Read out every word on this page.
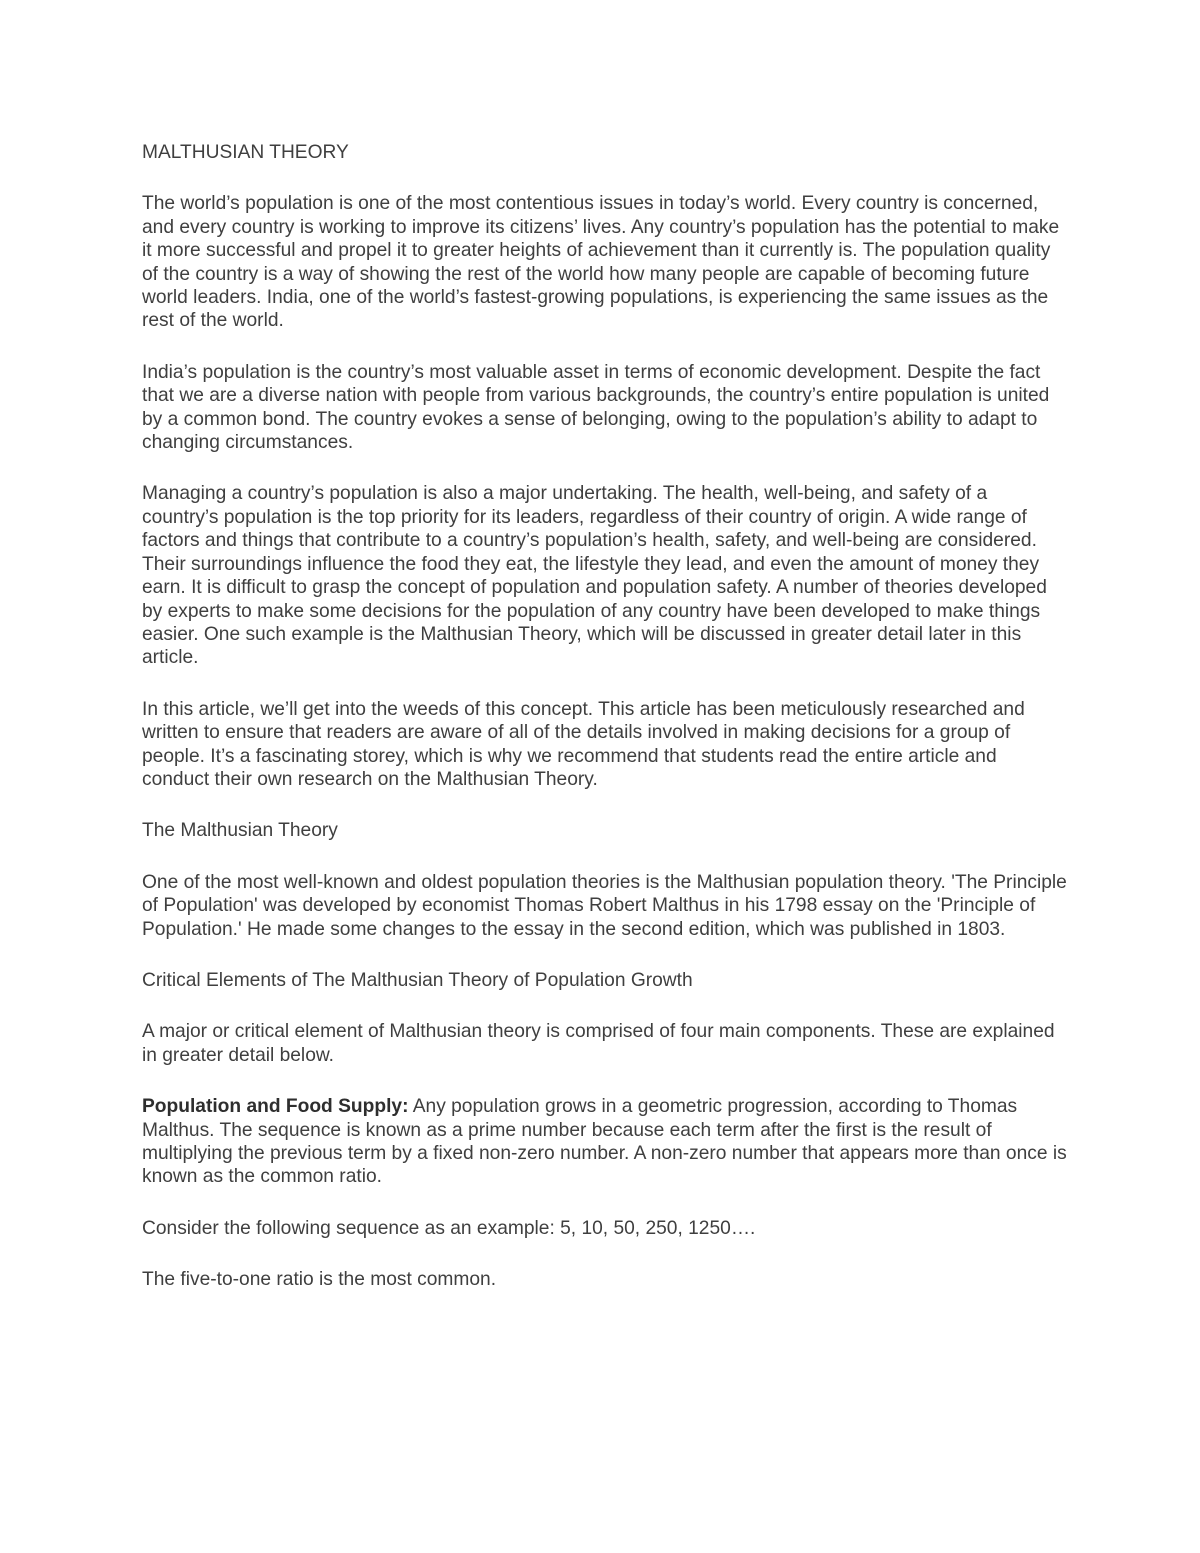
MALTHUSIAN THEORY

The world’s population is one of the most contentious issues in today’s world. Every country is concerned, and every country is working to improve its citizens’ lives. Any country’s population has the potential to make it more successful and propel it to greater heights of achievement than it currently is. The population quality of the country is a way of showing the rest of the world how many people are capable of becoming future world leaders. India, one of the world’s fastest-growing populations, is experiencing the same issues as the rest of the world.

India’s population is the country’s most valuable asset in terms of economic development. Despite the fact that we are a diverse nation with people from various backgrounds, the country’s entire population is united by a common bond. The country evokes a sense of belonging, owing to the population’s ability to adapt to changing circumstances.

Managing a country’s population is also a major undertaking. The health, well-being, and safety of a country’s population is the top priority for its leaders, regardless of their country of origin. A wide range of factors and things that contribute to a country’s population’s health, safety, and well-being are considered. Their surroundings influence the food they eat, the lifestyle they lead, and even the amount of money they earn. It is difficult to grasp the concept of population and population safety. A number of theories developed by experts to make some decisions for the population of any country have been developed to make things easier. One such example is the Malthusian Theory, which will be discussed in greater detail later in this article.

In this article, we’ll get into the weeds of this concept. This article has been meticulously researched and written to ensure that readers are aware of all of the details involved in making decisions for a group of people. It’s a fascinating storey, which is why we recommend that students read the entire article and conduct their own research on the Malthusian Theory.

The Malthusian Theory

One of the most well-known and oldest population theories is the Malthusian population theory. 'The Principle of Population' was developed by economist Thomas Robert Malthus in his 1798 essay on the 'Principle of Population.' He made some changes to the essay in the second edition, which was published in 1803.

Critical Elements of The Malthusian Theory of Population Growth

A major or critical element of Malthusian theory is comprised of four main components. These are explained in greater detail below.

Population and Food Supply: Any population grows in a geometric progression, according to Thomas Malthus. The sequence is known as a prime number because each term after the first is the result of multiplying the previous term by a fixed non-zero number. A non-zero number that appears more than once is known as the common ratio.

Consider the following sequence as an example: 5, 10, 50, 250, 1250….

The five-to-one ratio is the most common.
